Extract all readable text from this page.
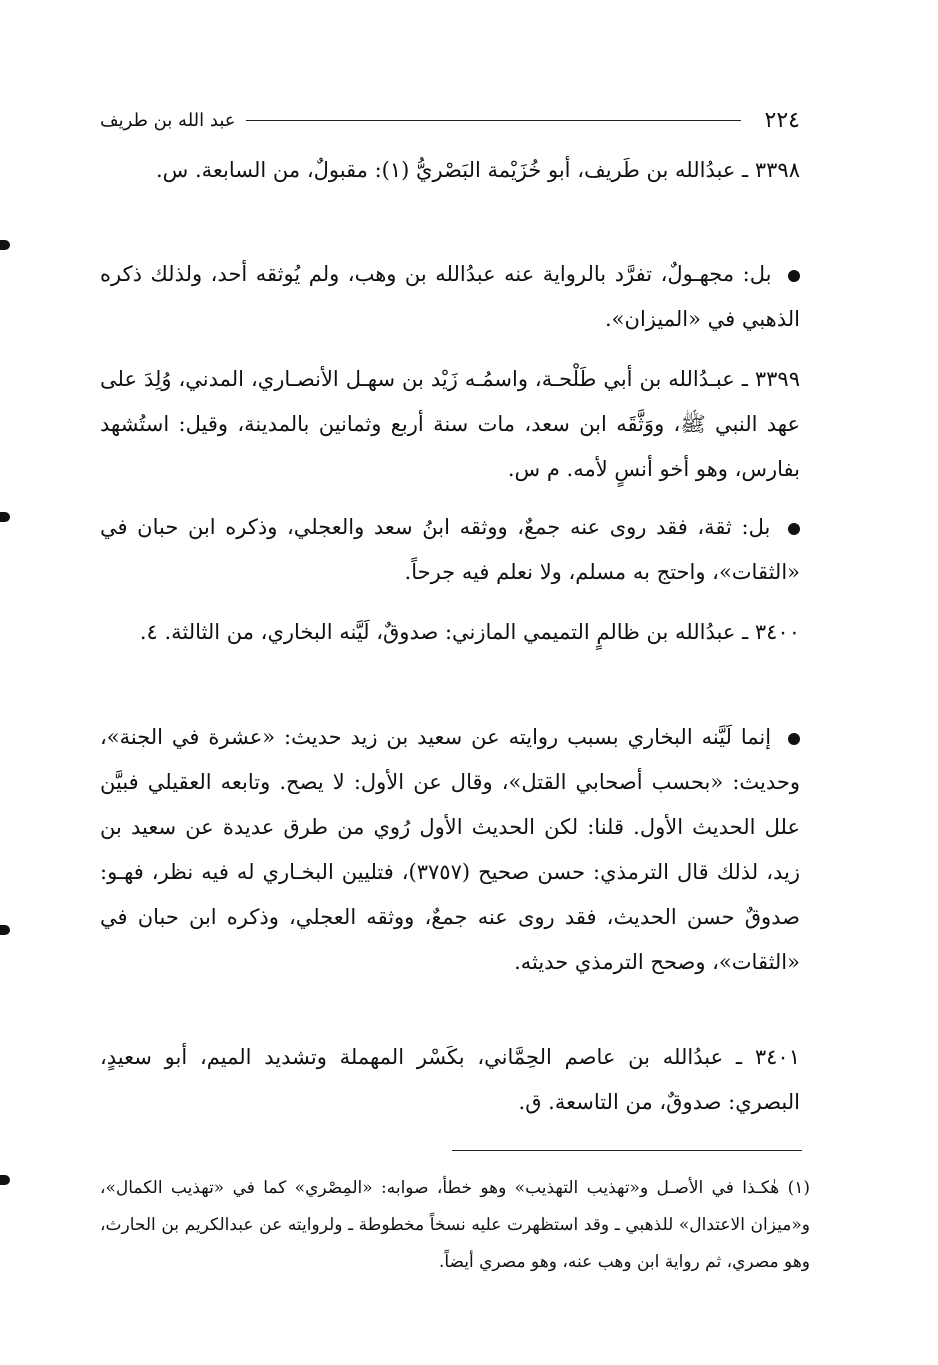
٢٢٤
عبد الله بن طريف
٣٣٩٨ ـ عبدُالله بن طَريف، أبو خُزَيْمة البَصْريُّ (١): مقبولٌ، من السابعة. س.
بل: مجهـولٌ، تفرَّد بالرواية عنه عبدُالله بن وهب، ولم يُوثقه أحد، ولذلك ذكره الذهبي في «الميزان».
٣٣٩٩ ـ عبـدُالله بن أبي طَلْحـة، واسمُـه زَيْد بن سهـل الأنصـاري، المدني، وُلِدَ على عهد النبي ﷺ، ووَثَّقَه ابن سعد، مات سنة أربع وثمانين بالمدينة، وقيل: استُشهد بفارس، وهو أخو أنسٍ لأمه. م س.
بل: ثقة، فقد روى عنه جمعٌ، ووثقه ابنُ سعد والعجلي، وذكره ابن حبان في «الثقات»، واحتج به مسلم، ولا نعلم فيه جرحاً.
٣٤٠٠ ـ عبدُالله بن ظالمٍ التميمي المازني: صدوقٌ، لَيَّنه البخاري، من الثالثة. ٤.
إنما لَيَّنه البخاري بسبب روايته عن سعيد بن زيد حديث: «عشرة في الجنة»، وحديث: «بحسب أصحابي القتل»، وقال عن الأول: لا يصح. وتابعه العقيلي فبيَّن علل الحديث الأول. قلنا: لكن الحديث الأول رُوي من طرق عديدة عن سعيد بن زيد، لذلك قال الترمذي: حسن صحيح (٣٧٥٧)، فتليين البخـاري له فيه نظر، فهـو: صدوقٌ حسن الحديث، فقد روى عنه جمعٌ، ووثقه العجلي، وذكره ابن حبان في «الثقات»، وصحح الترمذي حديثه.
٣٤٠١ ـ عبدُالله بن عاصم الحِمَّاني، بكَسْر المهملة وتشديد الميم، أبو سعيدٍ، البصري: صدوقٌ، من التاسعة. ق.
(١) هٰكـذا في الأصـل و«تهذيب التهذيب» وهو خطأ، صوابه: «المِصْري» كما في «تهذيب الكمال»، و«ميزان الاعتدال» للذهبي ـ وقد استظهرت عليه نسخاً مخطوطة ـ ولروايته عن عبدالكريم بن الحارث، وهو مصري، ثم رواية ابن وهب عنه، وهو مصري أيضاً.
